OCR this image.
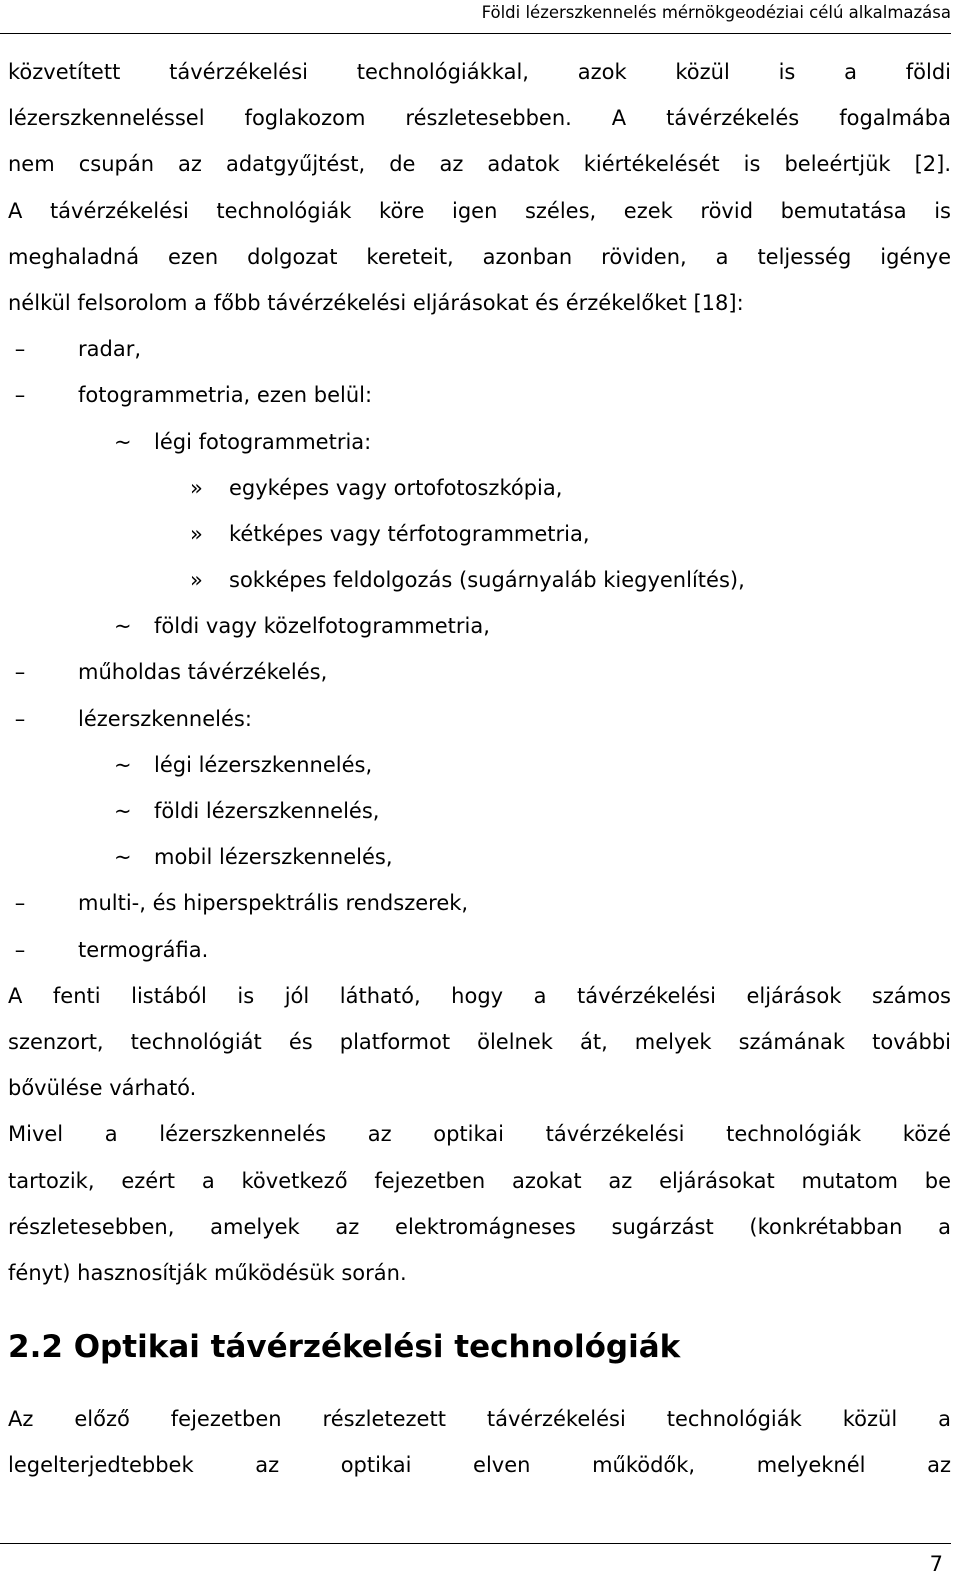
Földi lézerszkennelés mérnökgeodéziai célú alkalmazása
közvetített távérzékelési technológiákkal, azok közül is a földi
lézerszkenneléssel foglakozom részletesebben. A távérzékelés fogalmába
nem csupán az adatgyűjtést, de az adatok kiértékelését is beleértjük [2].
A távérzékelési technológiák köre igen széles, ezek rövid bemutatása is
meghaladná ezen dolgozat kereteit, azonban röviden, a teljesség igénye
nélkül felsorolom a főbb távérzékelési eljárásokat és érzékelőket [18]:
–	radar,
–	fotogrammetria, ezen belül:
~ légi fotogrammetria:
» egyképes vagy ortofotoszkópia,
» kétképes vagy térfotogrammetria,
» sokképes feldolgozás (sugárnyaláb kiegyenlítés),
~ földi vagy közelfotogrammetria,
–	műholdas távérzékelés,
–	lézerszkennelés:
~ légi lézerszkennelés,
~ földi lézerszkennelés,
~ mobil lézerszkennelés,
–	multi-, és hiperspektrális rendszerek,
–	termográfia.
A fenti listából is jól látható, hogy a távérzékelési eljárások számos
szenzort, technológiát és platformot ölelnek át, melyek számának további
bővülése várható.
Mivel a lézerszkennelés az optikai távérzékelési technológiák közé
tartozik, ezért a következő fejezetben azokat az eljárásokat mutatom be
részletesebben, amelyek az elektromágneses sugárzást (konkrétabban a
fényt) hasznosítják működésük során.
2.2 Optikai távérzékelési technológiák
Az előző fejezetben részletezett távérzékelési technológiák közül a
legelterjedtebbek az optikai elven működők, melyeknél az
7
